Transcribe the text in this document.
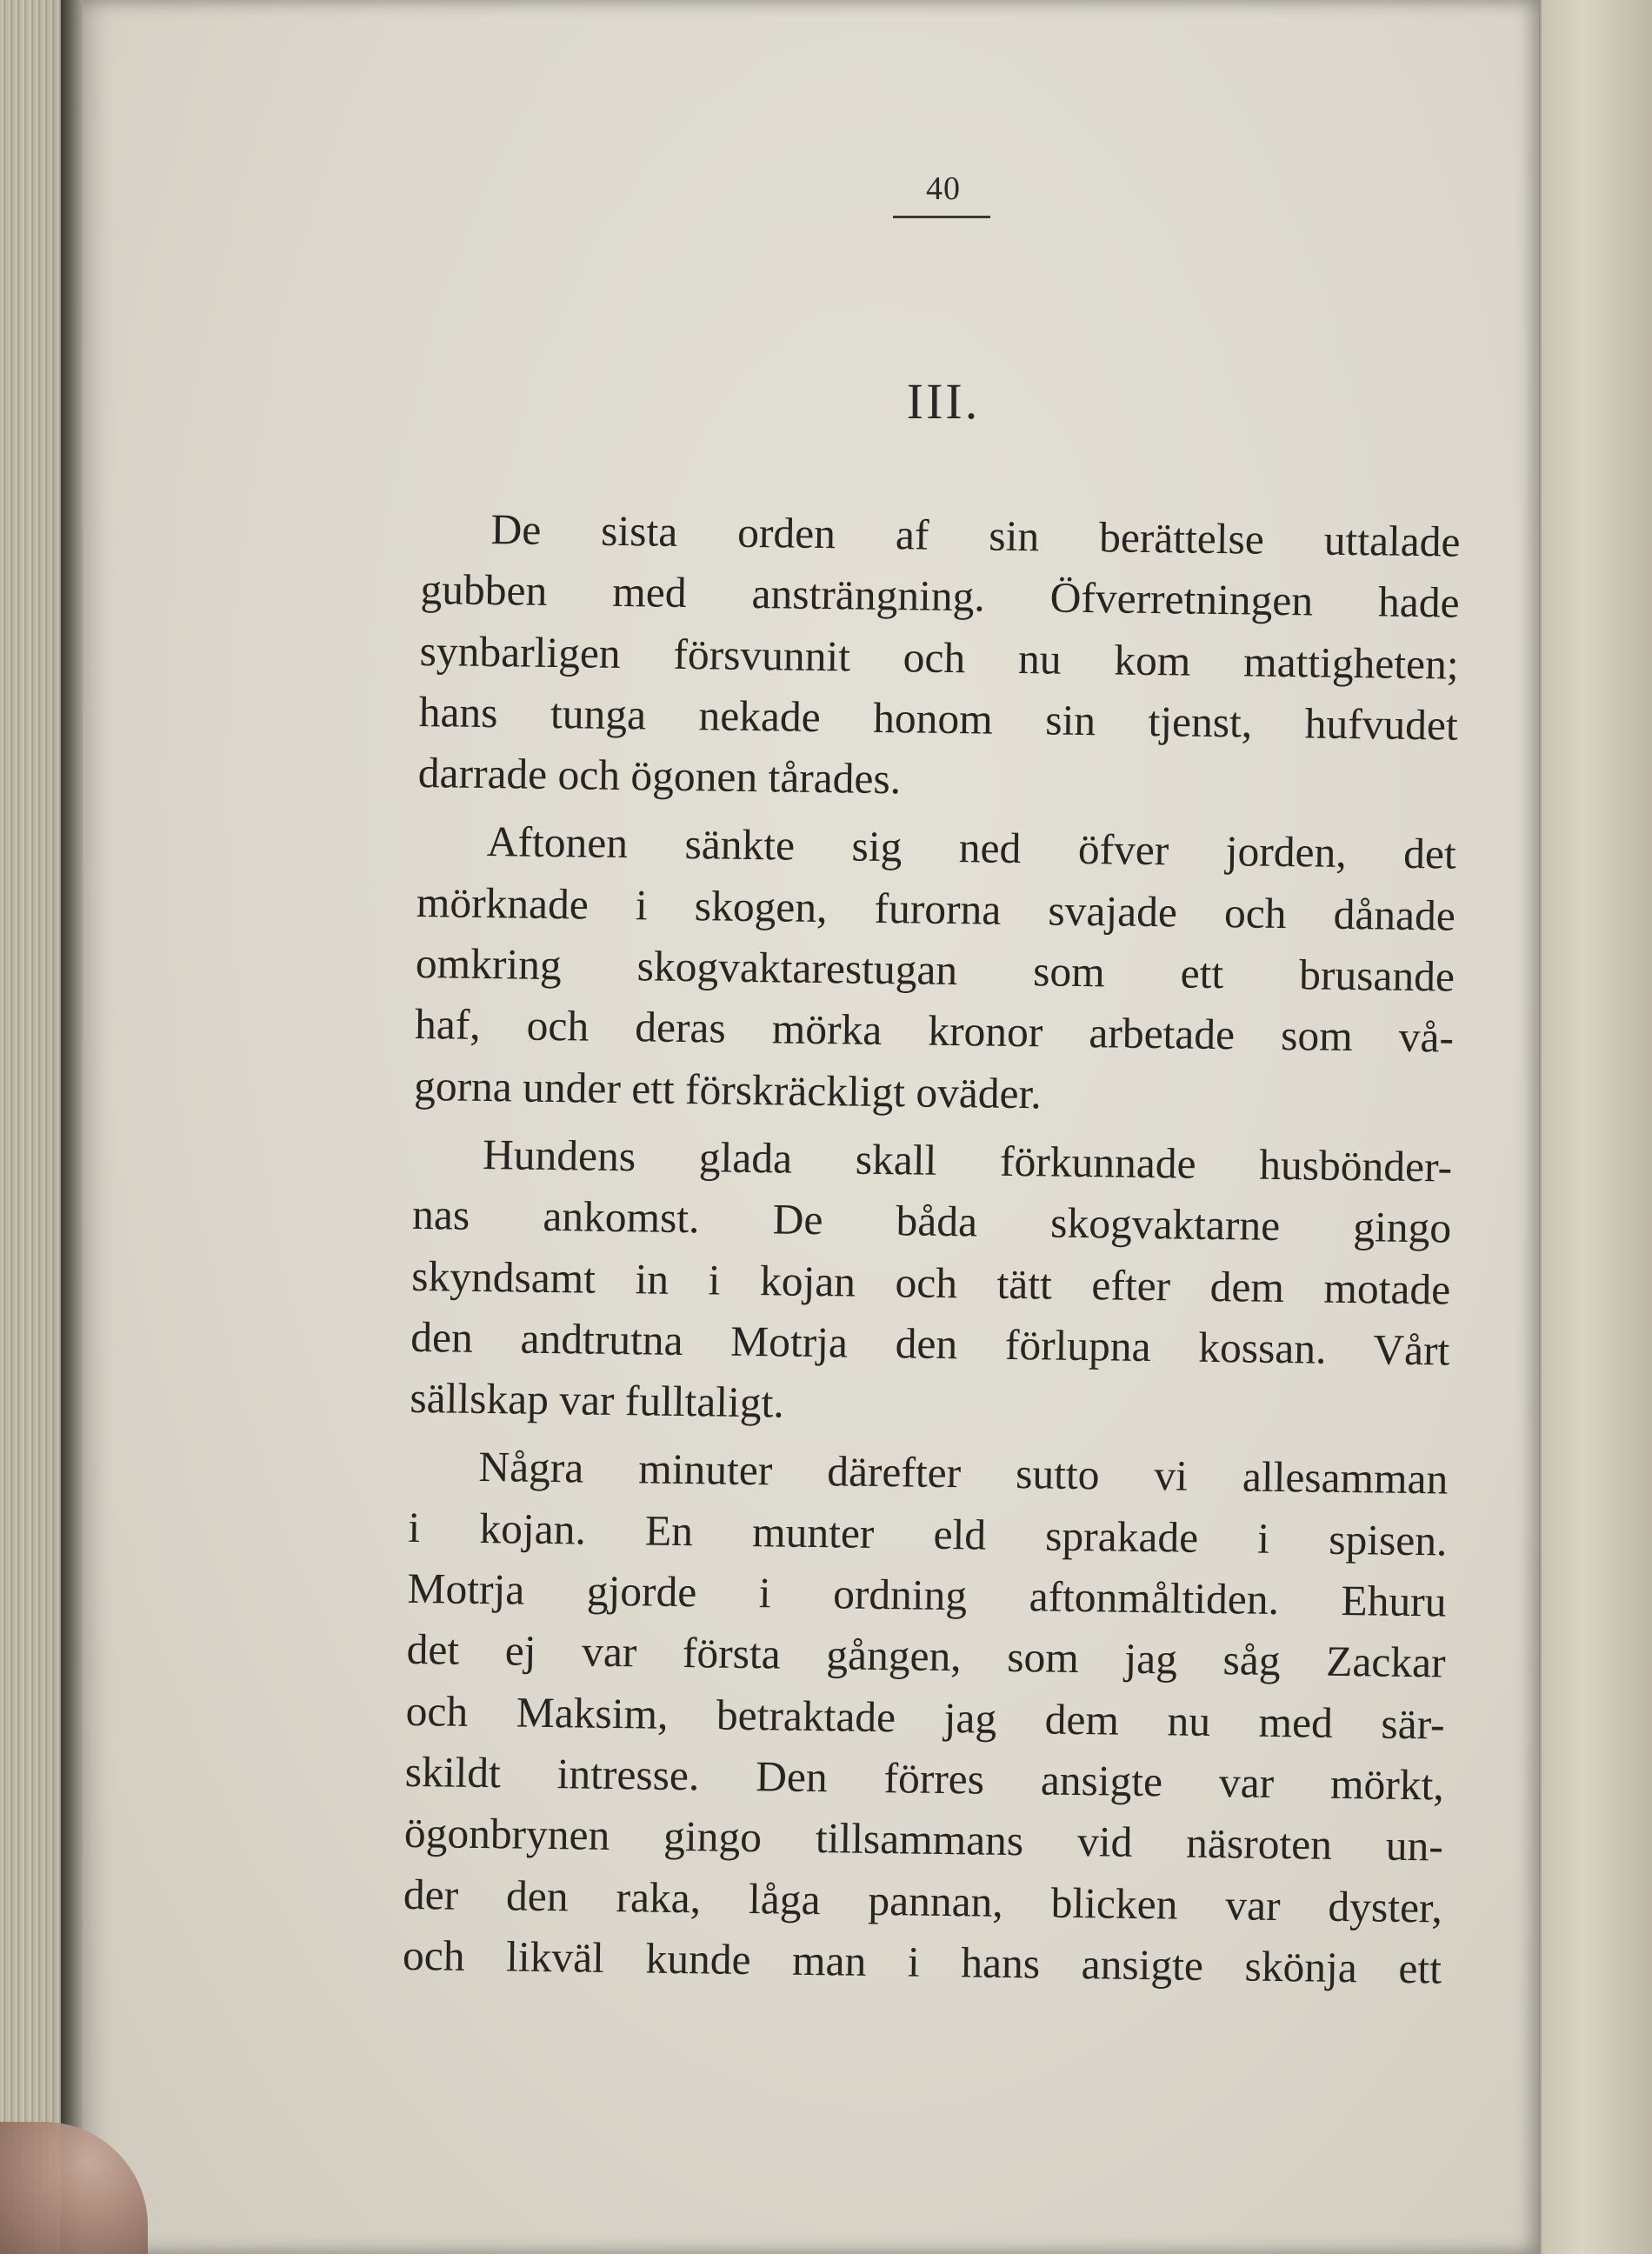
40
III.
De sista orden af sin berättelse uttalade
gubben med ansträngning. Öfverretningen hade
synbarligen försvunnit och nu kom mattigheten;
hans tunga nekade honom sin tjenst, hufvudet
darrade och ögonen tårades.
Aftonen sänkte sig ned öfver jorden, det
mörknade i skogen, furorna svajade och dånade
omkring skogvaktarestugan som ett brusande
haf, och deras mörka kronor arbetade som vå-
gorna under ett förskräckligt oväder.
Hundens glada skall förkunnade husbönder-
nas ankomst. De båda skogvaktarne gingo
skyndsamt in i kojan och tätt efter dem motade
den andtrutna Motrja den förlupna kossan. Vårt
sällskap var fulltaligt.
Några minuter därefter sutto vi allesamman
i kojan. En munter eld sprakade i spisen.
Motrja gjorde i ordning aftonmåltiden. Ehuru
det ej var första gången, som jag såg Zackar
och Maksim, betraktade jag dem nu med sär-
skildt intresse. Den förres ansigte var mörkt,
ögonbrynen gingo tillsammans vid näsroten un-
der den raka, låga pannan, blicken var dyster,
och likväl kunde man i hans ansigte skönja ett
